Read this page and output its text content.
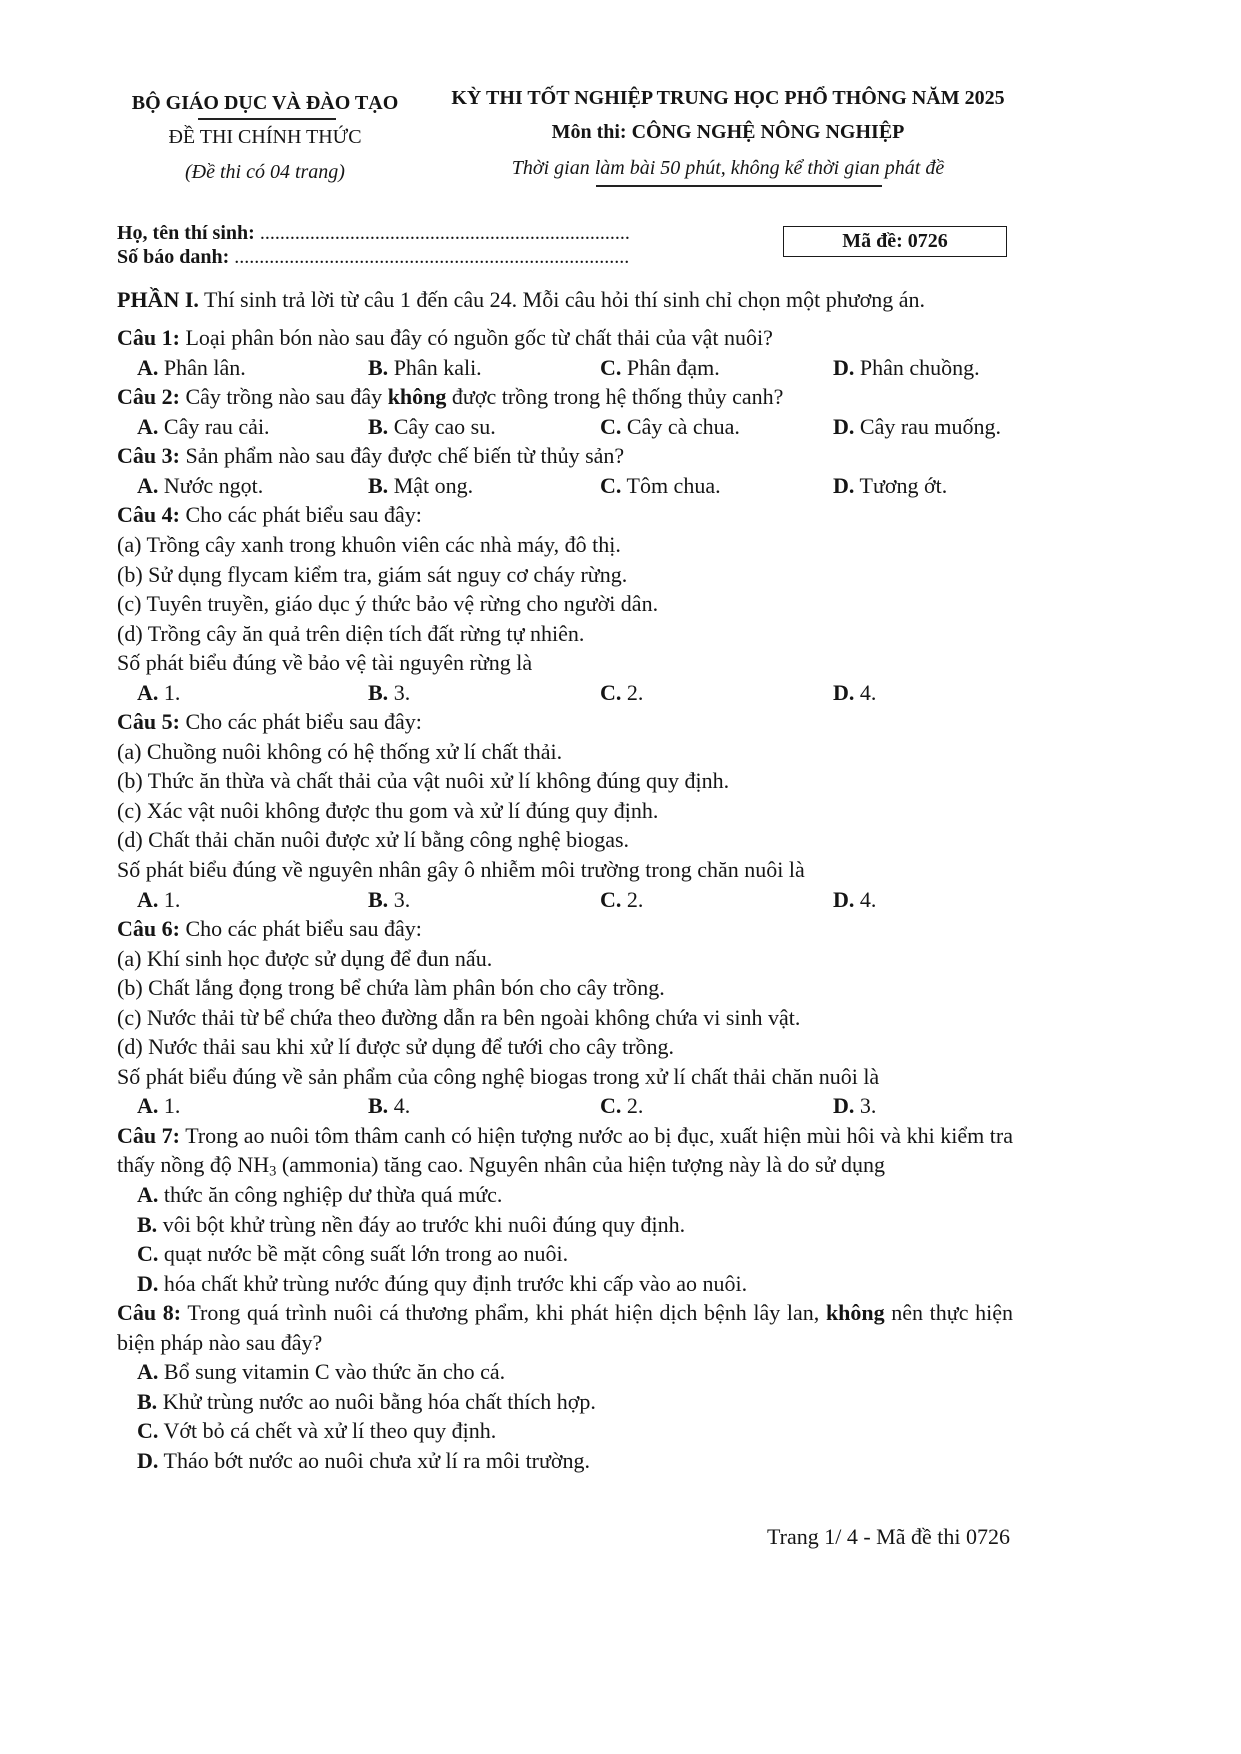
BỘ GIÁO DỤC VÀ ĐÀO TẠO
ĐỀ THI CHÍNH THỨC
(Đề thi có 04 trang)
KỲ THI TỐT NGHIỆP TRUNG HỌC PHỔ THÔNG NĂM 2025
Môn thi: CÔNG NGHỆ NÔNG NGHIỆP
Thời gian làm bài 50 phút, không kể thời gian phát đề
Họ, tên thí sinh: ..........................................................................
Số báo danh: ...............................................................................
Mã đề: 0726
PHẦN I. Thí sinh trả lời từ câu 1 đến câu 24. Mỗi câu hỏi thí sinh chỉ chọn một phương án.
Câu 1: Loại phân bón nào sau đây có nguồn gốc từ chất thải của vật nuôi?
A. Phân lân.	B. Phân kali.	C. Phân đạm.	D. Phân chuồng.
Câu 2: Cây trồng nào sau đây không được trồng trong hệ thống thủy canh?
A. Cây rau cải.	B. Cây cao su.	C. Cây cà chua.	D. Cây rau muống.
Câu 3: Sản phẩm nào sau đây được chế biến từ thủy sản?
A. Nước ngọt.	B. Mật ong.	C. Tôm chua.	D. Tương ớt.
Câu 4: Cho các phát biểu sau đây:
(a) Trồng cây xanh trong khuôn viên các nhà máy, đô thị.
(b) Sử dụng flycam kiểm tra, giám sát nguy cơ cháy rừng.
(c) Tuyên truyền, giáo dục ý thức bảo vệ rừng cho người dân.
(d) Trồng cây ăn quả trên diện tích đất rừng tự nhiên.
Số phát biểu đúng về bảo vệ tài nguyên rừng là
A. 1.	B. 3.	C. 2.	D. 4.
Câu 5: Cho các phát biểu sau đây:
(a) Chuồng nuôi không có hệ thống xử lí chất thải.
(b) Thức ăn thừa và chất thải của vật nuôi xử lí không đúng quy định.
(c) Xác vật nuôi không được thu gom và xử lí đúng quy định.
(d) Chất thải chăn nuôi được xử lí bằng công nghệ biogas.
Số phát biểu đúng về nguyên nhân gây ô nhiễm môi trường trong chăn nuôi là
A. 1.	B. 3.	C. 2.	D. 4.
Câu 6: Cho các phát biểu sau đây:
(a) Khí sinh học được sử dụng để đun nấu.
(b) Chất lắng đọng trong bể chứa làm phân bón cho cây trồng.
(c) Nước thải từ bể chứa theo đường dẫn ra bên ngoài không chứa vi sinh vật.
(d) Nước thải sau khi xử lí được sử dụng để tưới cho cây trồng.
Số phát biểu đúng về sản phẩm của công nghệ biogas trong xử lí chất thải chăn nuôi là
A. 1.	B. 4.	C. 2.	D. 3.
Câu 7: Trong ao nuôi tôm thâm canh có hiện tượng nước ao bị đục, xuất hiện mùi hôi và khi kiểm tra thấy nồng độ $NH_3$ (ammonia) tăng cao. Nguyên nhân của hiện tượng này là do sử dụng
A. thức ăn công nghiệp dư thừa quá mức.
B. vôi bột khử trùng nền đáy ao trước khi nuôi đúng quy định.
C. quạt nước bề mặt công suất lớn trong ao nuôi.
D. hóa chất khử trùng nước đúng quy định trước khi cấp vào ao nuôi.
Câu 8: Trong quá trình nuôi cá thương phẩm, khi phát hiện dịch bệnh lây lan, không nên thực hiện biện pháp nào sau đây?
A. Bổ sung vitamin C vào thức ăn cho cá.
B. Khử trùng nước ao nuôi bằng hóa chất thích hợp.
C. Vớt bỏ cá chết và xử lí theo quy định.
D. Tháo bớt nước ao nuôi chưa xử lí ra môi trường.
Trang 1/ 4 - Mã đề thi 0726
